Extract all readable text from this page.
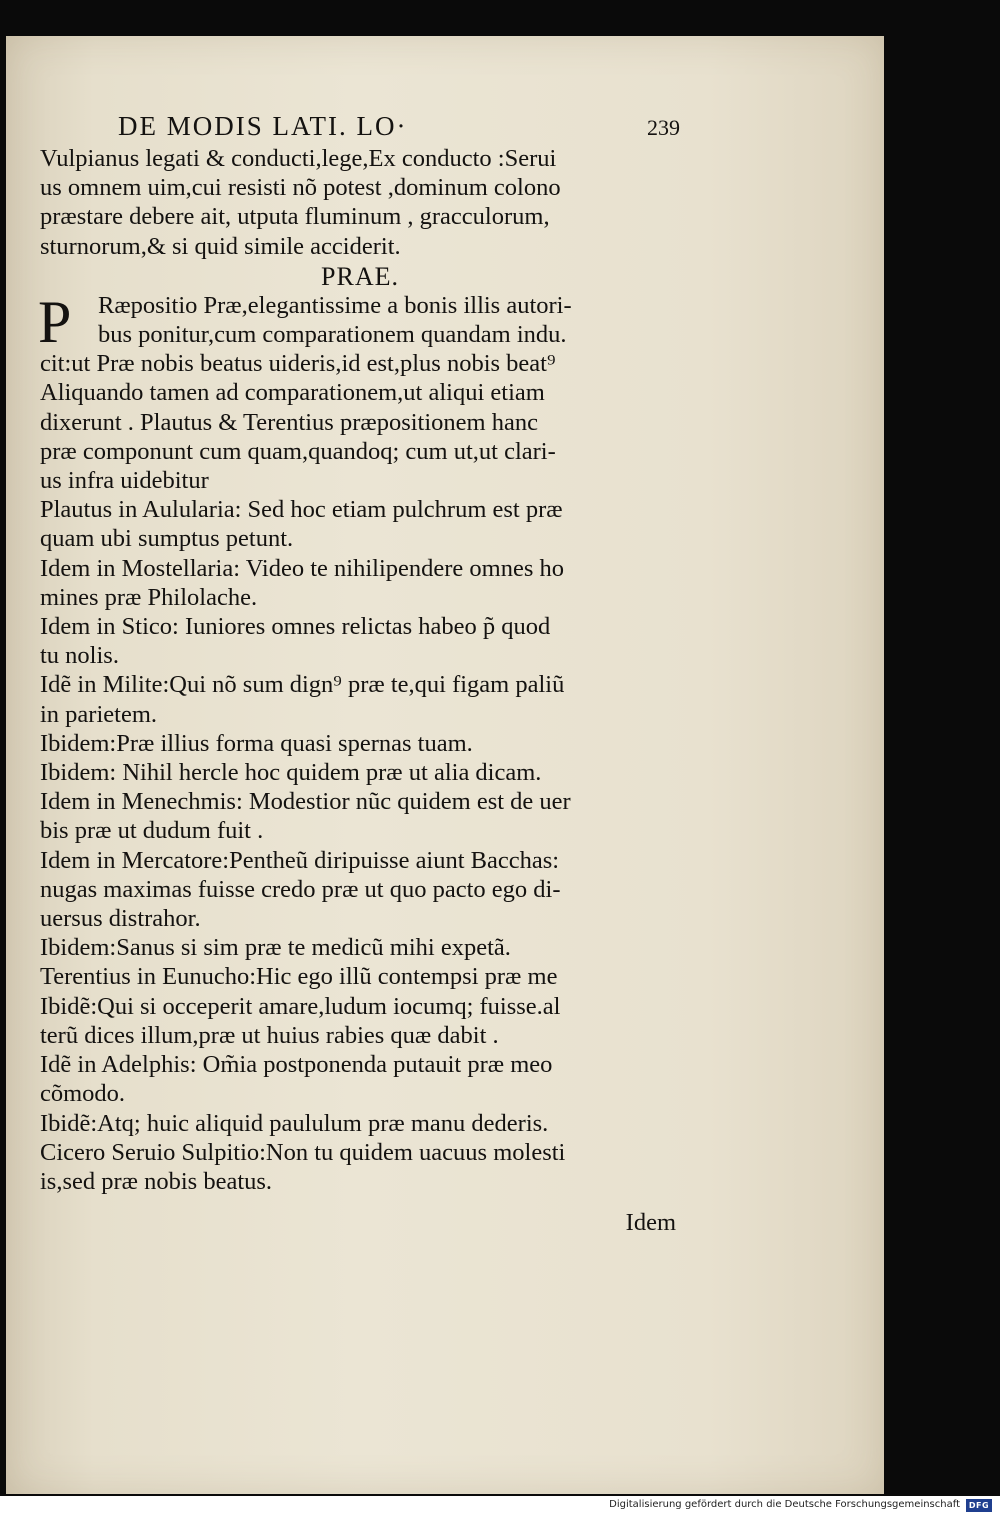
DE MODIS LATI. LO·	239
Vulpianus legati & conducti,lege,Ex conducto :Serui
us omnem uim,cui resisti nõ potest ,dominum colono
præstare debere ait, utputa fluminum , gracculorum,
sturnorum,& si quid simile acciderit.
PRAE.
P	Ræpositio Præ,elegantissime a bonis illis autori-
bus ponitur,cum comparationem quandam indu.
cit:ut Præ nobis beatus uideris,id est,plus nobis beat⁹
Aliquando tamen ad comparationem,ut aliqui etiam
dixerunt . Plautus & Terentius præpositionem hanc
præ componunt cum quam,quandoq; cum ut,ut clari-
us infra uidebitur
Plautus in Aulularia: Sed hoc etiam pulchrum est præ
quam ubi sumptus petunt.
Idem in Mostellaria: Video te nihilipendere omnes ho
mines præ Philolache.
Idem in Stico: Iuniores omnes relictas habeo p̃ quod
tu nolis.
Idẽ in Milite:Qui nõ sum dign⁹ præ te,qui figam paliũ
in parietem.
Ibidem:Præ illius forma quasi spernas tuam.
Ibidem: Nihil hercle hoc quidem præ ut alia dicam.
Idem in Menechmis: Modestior nũc quidem est de uer
bis præ ut dudum fuit .
Idem in Mercatore:Pentheũ diripuisse aiunt Bacchas:
nugas maximas fuisse credo præ ut quo pacto ego di-
uersus distrahor.
Ibidem:Sanus si sim præ te medicũ mihi expetã.
Terentius in Eunucho:Hic ego illũ contempsi præ me
Ibidẽ:Qui si occeperit amare,ludum iocumq; fuisse.al
terũ dices illum,præ ut huius rabies quæ dabit .
Idẽ in Adelphis: Om̃ia postponenda putauit præ meo
cõmodo.
Ibidẽ:Atq; huic aliquid paululum præ manu dederis.
Cicero Seruio Sulpitio:Non tu quidem uacuus molesti
is,sed præ nobis beatus.
Idem
Digitalisierung gefördert durch die Deutsche Forschungsgemeinschaft	DFG
